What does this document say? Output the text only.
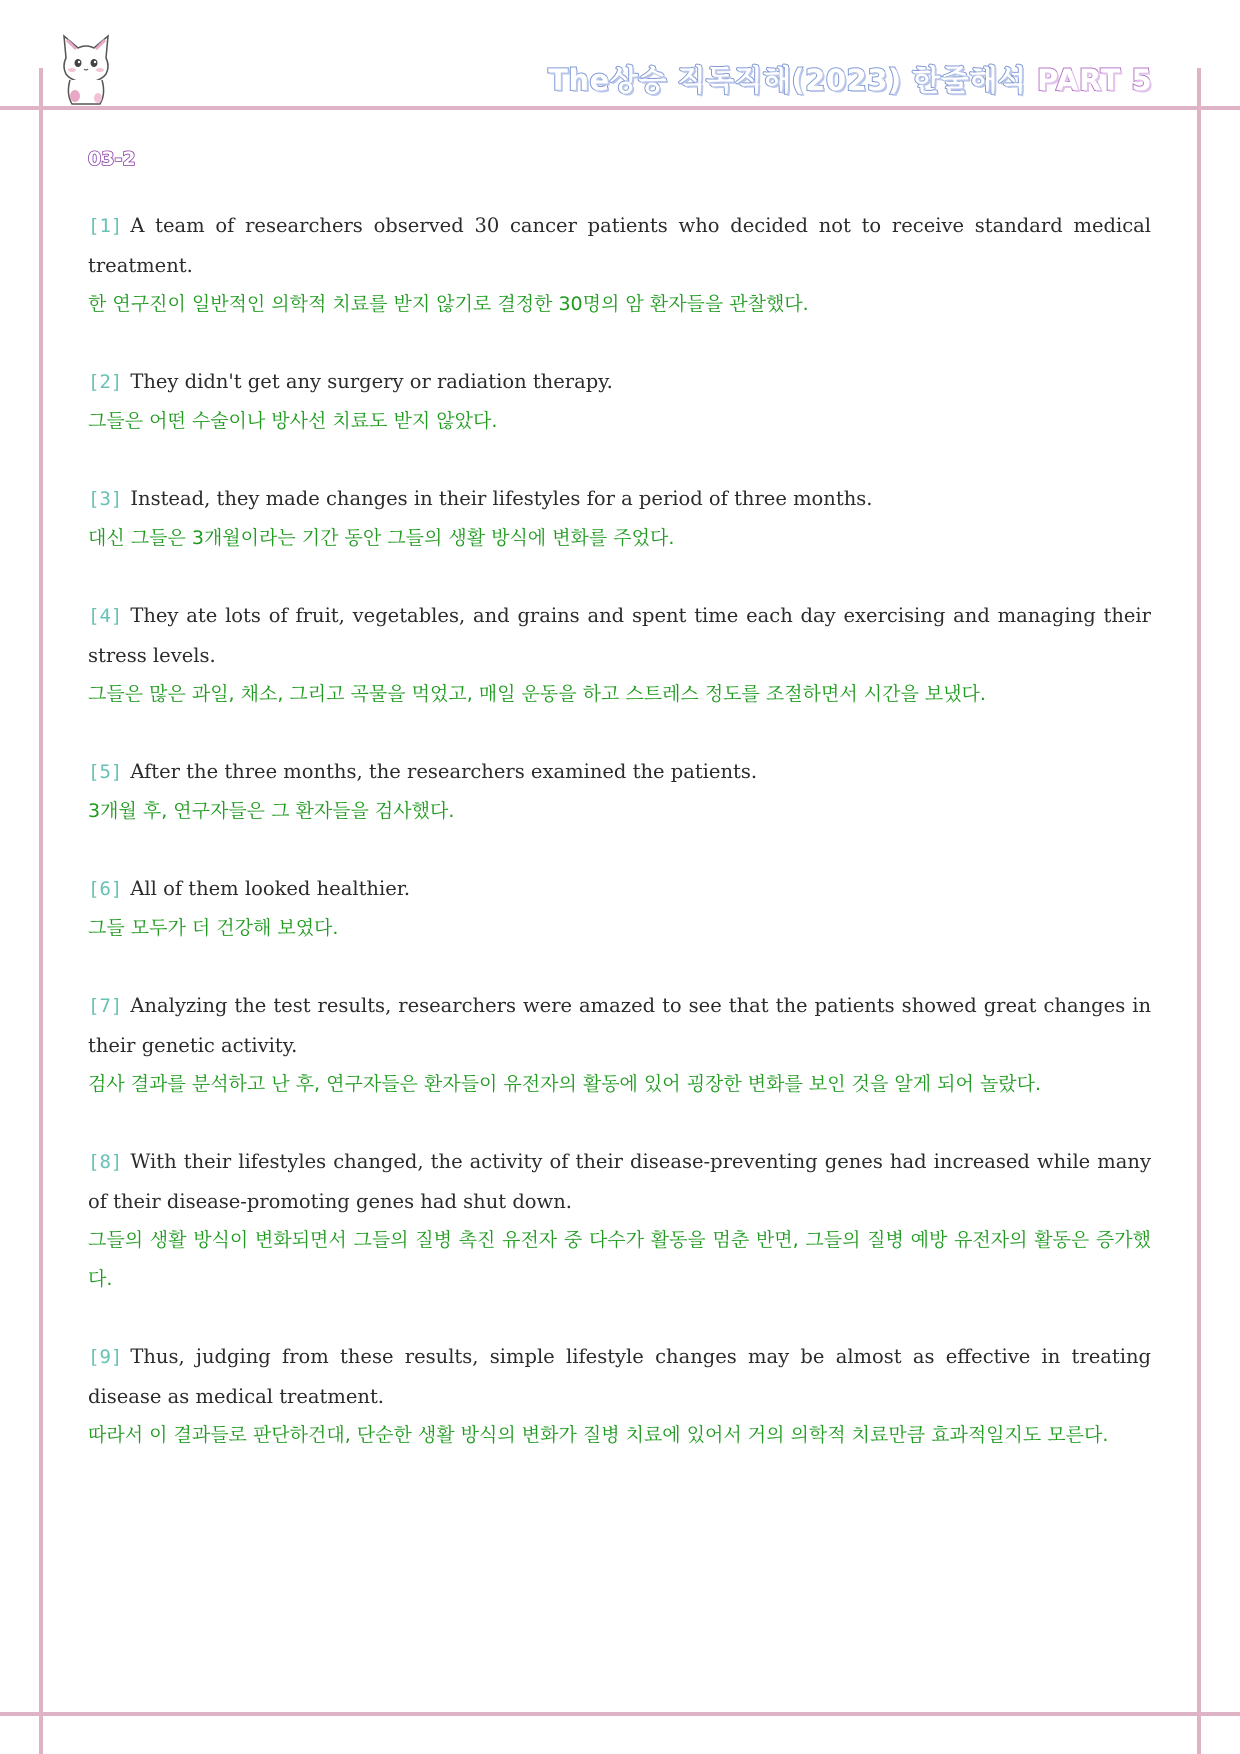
The상승 직독직해(2023) 한줄해석 PART 5
03-2

[1] A team of researchers observed 30 cancer patients who decided not to receive standard medical treatment.

한 연구진이 일반적인 의학적 치료를 받지 않기로 결정한 30명의 암 환자들을 관찰했다.

[2] They didn't get any surgery or radiation therapy.

그들은 어떤 수술이나 방사선 치료도 받지 않았다.

[3] Instead, they made changes in their lifestyles for a period of three months.

대신 그들은 3개월이라는 기간 동안 그들의 생활 방식에 변화를 주었다.

[4] They ate lots of fruit, vegetables, and grains and spent time each day exercising and managing their stress levels.

그들은 많은 과일, 채소, 그리고 곡물을 먹었고, 매일 운동을 하고 스트레스 정도를 조절하면서 시간을 보냈다.

[5] After the three months, the researchers examined the patients.

3개월 후, 연구자들은 그 환자들을 검사했다.

[6] All of them looked healthier.

그들 모두가 더 건강해 보였다.

[7] Analyzing the test results, researchers were amazed to see that the patients showed great changes in their genetic activity.

검사 결과를 분석하고 난 후, 연구자들은 환자들이 유전자의 활동에 있어 굉장한 변화를 보인 것을 알게 되어 놀랐다.

[8] With their lifestyles changed, the activity of their disease-preventing genes had increased while many of their disease-promoting genes had shut down.

그들의 생활 방식이 변화되면서 그들의 질병 촉진 유전자 중 다수가 활동을 멈춘 반면, 그들의 질병 예방 유전자의 활동은 증가했다.

[9] Thus, judging from these results, simple lifestyle changes may be almost as effective in treating disease as medical treatment.

따라서 이 결과들로 판단하건대, 단순한 생활 방식의 변화가 질병 치료에 있어서 거의 의학적 치료만큼 효과적일지도 모른다.
